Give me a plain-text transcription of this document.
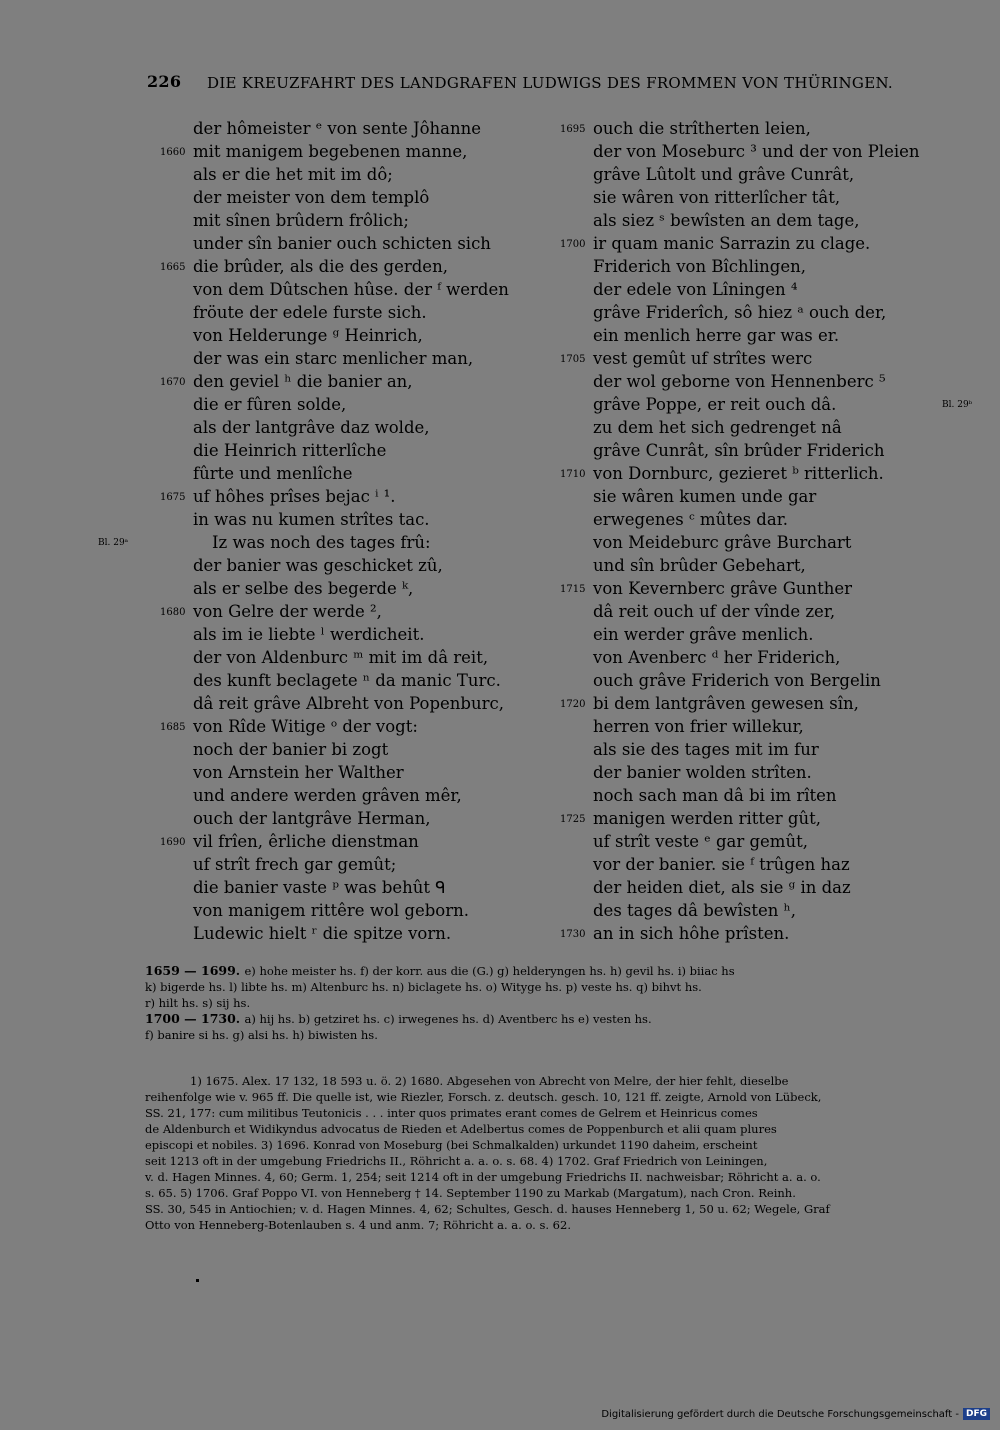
226 DIE KREUZFAHRT DES LANDGRAFEN LUDWIGS DES FROMMEN VON THÜRINGEN.
der hômeister ᵉ von sente Jôhanne
1660 mit manigem begebenen manne,
als er die het mit im dô;
der meister von dem templô
mit sînen brûdern frôlich;
under sîn banier ouch schicten sich
1665 die brûder, als die des gerden,
von dem Dûtschen hûse. der ᶠ werden
fröute der edele furste sich.
von Helderunge ᵍ Heinrich,
der was ein starc menlicher man,
1670 den geviel ʰ die banier an,
die er fûren solde,
als der lantgrâve daz wolde,
die Heinrich ritterlîche
fûrte und menlîche
1675 uf hôhes prîses bejac ⁱ ¹.
in was nu kumen strîtes tac.
Iz was noch des tages frû:
Bl. 29ᵃ
der banier was geschicket zû,
als er selbe des begerde ᵏ,
1680 von Gelre der werde ²,
als im ie liebte ˡ werdicheit.
der von Aldenburc ᵐ mit im dâ reit,
des kunft beclagete ⁿ da manic Turc.
dâ reit grâve Albreht von Popenburc,
1685 von Rîde Witige ᵒ der vogt:
noch der banier bi zogt
von Arnstein her Walther
und andere werden grâven mêr,
ouch der lantgrâve Herman,
1690 vil frîen, êrliche dienstman
uf strît frech gar gemût;
die banier vaste ᵖ was behût ᑫ
von manigem rittêre wol geborn.
Ludewic hielt ʳ die spitze vorn.
1695 ouch die strîtherten leien,
der von Moseburc ³ und der von Pleien
grâve Lûtolt und grâve Cunrât,
sie wâren von ritterlîcher tât,
als siez ˢ bewîsten an dem tage,
1700 ir quam manic Sarrazin zu clage.
Friderich von Bîchlingen,
der edele von Lîningen ⁴
grâve Friderîch, sô hiez ᵃ ouch der,
ein menlich herre gar was er.
1705 vest gemût uf strîtes werc
der wol geborne von Hennenberc ⁵
grâve Poppe, er reit ouch dâ.	Bl. 29ᵇ
zu dem het sich gedrenget nâ
grâve Cunrât, sîn brûder Friderich
1710 von Dornburc, gezieret ᵇ ritterlich.
sie wâren kumen unde gar
erwegenes ᶜ mûtes dar.
von Meideburc grâve Burchart
und sîn brûder Gebehart,
1715 von Kevernberc grâve Gunther
dâ reit ouch uf der vînde zer,
ein werder grâve menlich.
von Avenberc ᵈ her Friderich,
ouch grâve Friderich von Bergelin
1720 bi dem lantgrâven gewesen sîn,
herren von frier willekur,
als sie des tages mit im fur
der banier wolden strîten.
noch sach man dâ bi im rîten
1725 manigen werden ritter gût,
uf strît veste ᵉ gar gemût,
vor der banier. sie ᶠ trûgen haz
der heiden diet, als sie ᵍ in daz
des tages dâ bewîsten ʰ,
1730 an in sich hôhe prîsten.
1659 — 1699. e) hohe meister hs. f) der korr. aus die (G.) g) helderyngen hs. h) gevil hs. i) biiac hs
k) bigerde hs. l) libte hs. m) Altenburc hs. n) biclagete hs. o) Wityge hs. p) veste hs. q) bihvt hs.
r) hilt hs. s) sij hs.
1700 — 1730. a) hij hs. b) getziret hs. c) irwegenes hs. d) Aventberc hs e) vesten hs.
f) banire si hs. g) alsi hs. h) biwisten hs.
1) 1675. Alex. 17 132, 18 593 u. ö. 2) 1680. Abgesehen von Abrecht von Melre, der hier fehlt, dieselbe
reihenfolge wie v. 965 ff. Die quelle ist, wie Riezler, Forsch. z. deutsch. gesch. 10, 121 ff. zeigte, Arnold von Lübeck,
SS. 21, 177: cum militibus Teutonicis . . . inter quos primates erant comes de Gelrem et Heinricus comes
de Aldenburch et Widikyndus advocatus de Rieden et Adelbertus comes de Poppenburch et alii quam plures
episcopi et nobiles. 3) 1696. Konrad von Moseburg (bei Schmalkalden) urkundet 1190 daheim, erscheint
seit 1213 oft in der umgebung Friedrichs II., Röhricht a. a. o. s. 68. 4) 1702. Graf Friedrich von Leiningen,
v. d. Hagen Minnes. 4, 60; Germ. 1, 254; seit 1214 oft in der umgebung Friedrichs II. nachweisbar; Röhricht a. a. o.
s. 65. 5) 1706. Graf Poppo VI. von Henneberg † 14. September 1190 zu Markab (Margatum), nach Cron. Reinh.
SS. 30, 545 in Antiochien; v. d. Hagen Minnes. 4, 62; Schultes, Gesch. d. hauses Henneberg 1, 50 u. 62; Wegele, Graf
Otto von Henneberg-Botenlauben s. 4 und anm. 7; Röhricht a. a. o. s. 62.
Digitalisierung gefördert durch die Deutsche Forschungsgemeinschaft - DFG
